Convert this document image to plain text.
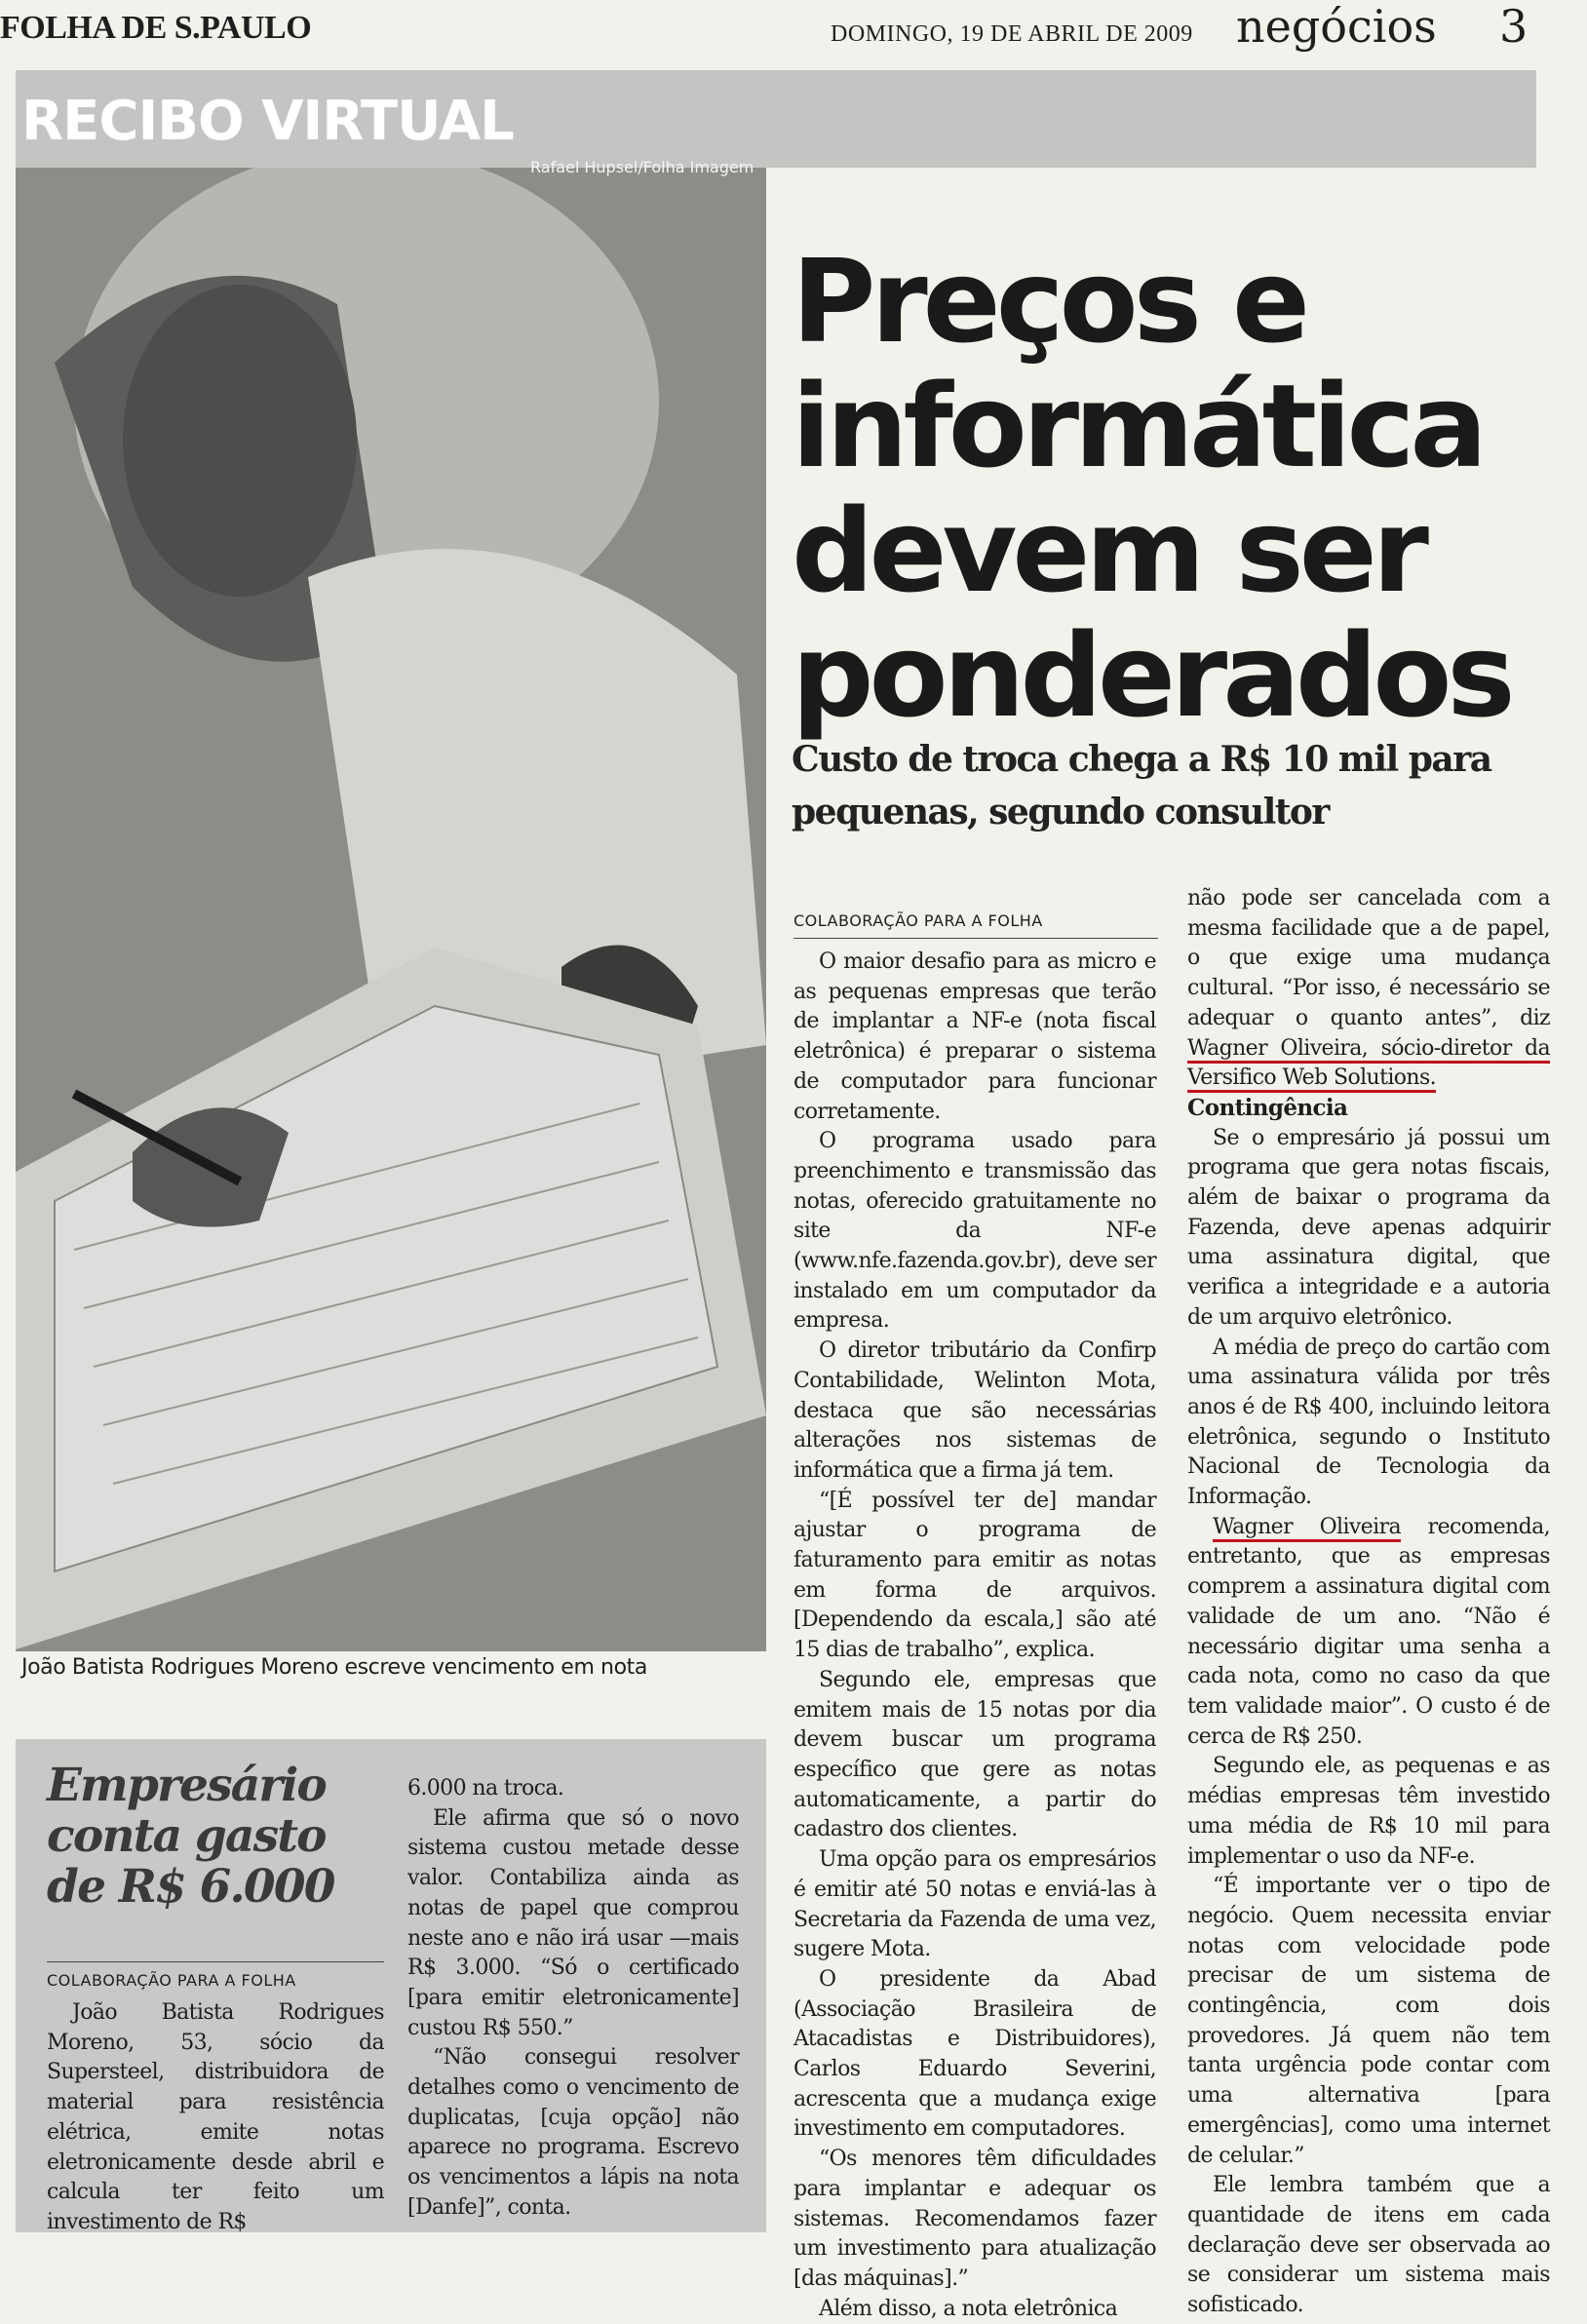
FOLHA DE S.PAULO	DOMINGO, 19 DE ABRIL DE 2009 negócios 3
RECIBO VIRTUAL
Rafael Hupsel/Folha Imagem
João Batista Rodrigues Moreno escreve vencimento em nota
Preços e informática devem ser ponderados
Custo de troca chega a R$ 10 mil para pequenas, segundo consultor
COLABORAÇÃO PARA A FOLHA

O maior desafio para as micro e as pequenas empresas que terão de implantar a NF-e (nota fiscal eletrônica) é preparar o sistema de computador para funcionar corretamente.

O programa usado para preenchimento e transmissão das notas, oferecido gratuitamente no site da NF-e (www.nfe.fazenda.gov.br), deve ser instalado em um computador da empresa.

O diretor tributário da Confirp Contabilidade, Welinton Mota, destaca que são necessárias alterações nos sistemas de informática que a firma já tem.

“[É possível ter de] mandar ajustar o programa de faturamento para emitir as notas em forma de arquivos. [Dependendo da escala,] são até 15 dias de trabalho”, explica.

Segundo ele, empresas que emitem mais de 15 notas por dia devem buscar um programa específico que gere as notas automaticamente, a partir do cadastro dos clientes.

Uma opção para os empresários é emitir até 50 notas e enviá-las à Secretaria da Fazenda de uma vez, sugere Mota.

O presidente da Abad (Associação Brasileira de Atacadistas e Distribuidores), Carlos Eduardo Severini, acrescenta que a mudança exige investimento em computadores.

“Os menores têm dificuldades para implantar e adequar os sistemas. Recomendamos fazer um investimento para atualização [das máquinas].”

Além disso, a nota eletrônica

não pode ser cancelada com a mesma facilidade que a de papel, o que exige uma mudança cultural. “Por isso, é necessário se adequar o quanto antes”, diz Wagner Oliveira, sócio-diretor da Versifico Web Solutions.

Contingência

Se o empresário já possui um programa que gera notas fiscais, além de baixar o programa da Fazenda, deve apenas adquirir uma assinatura digital, que verifica a integridade e a autoria de um arquivo eletrônico.

A média de preço do cartão com uma assinatura válida por três anos é de R$ 400, incluindo leitora eletrônica, segundo o Instituto Nacional de Tecnologia da Informação.

Wagner Oliveira recomenda, entretanto, que as empresas comprem a assinatura digital com validade de um ano. “Não é necessário digitar uma senha a cada nota, como no caso da que tem validade maior”. O custo é de cerca de R$ 250.

Segundo ele, as pequenas e as médias empresas têm investido uma média de R$ 10 mil para implementar o uso da NF-e.

“É importante ver o tipo de negócio. Quem necessita enviar notas com velocidade pode precisar de um sistema de contingência, com dois provedores. Já quem não tem tanta urgência pode contar com uma alternativa [para emergências], como uma internet de celular.”

Ele lembra também que a quantidade de itens em cada declaração deve ser observada ao se considerar um sistema mais sofisticado.

Empresário conta gasto de R$ 6.000
COLABORAÇÃO PARA A FOLHA

João Batista Rodrigues Moreno, 53, sócio da Supersteel, distribuidora de material para resistência elétrica, emite notas eletronicamente desde abril e calcula ter feito um investimento de R$

6.000 na troca.

Ele afirma que só o novo sistema custou metade desse valor. Contabiliza ainda as notas de papel que comprou neste ano e não irá usar —mais R$ 3.000. “Só o certificado [para emitir eletronicamente] custou R$ 550.”

“Não consegui resolver detalhes como o vencimento de duplicatas, [cuja opção] não aparece no programa. Escrevo os vencimentos a lápis na nota [Danfe]”, conta.
